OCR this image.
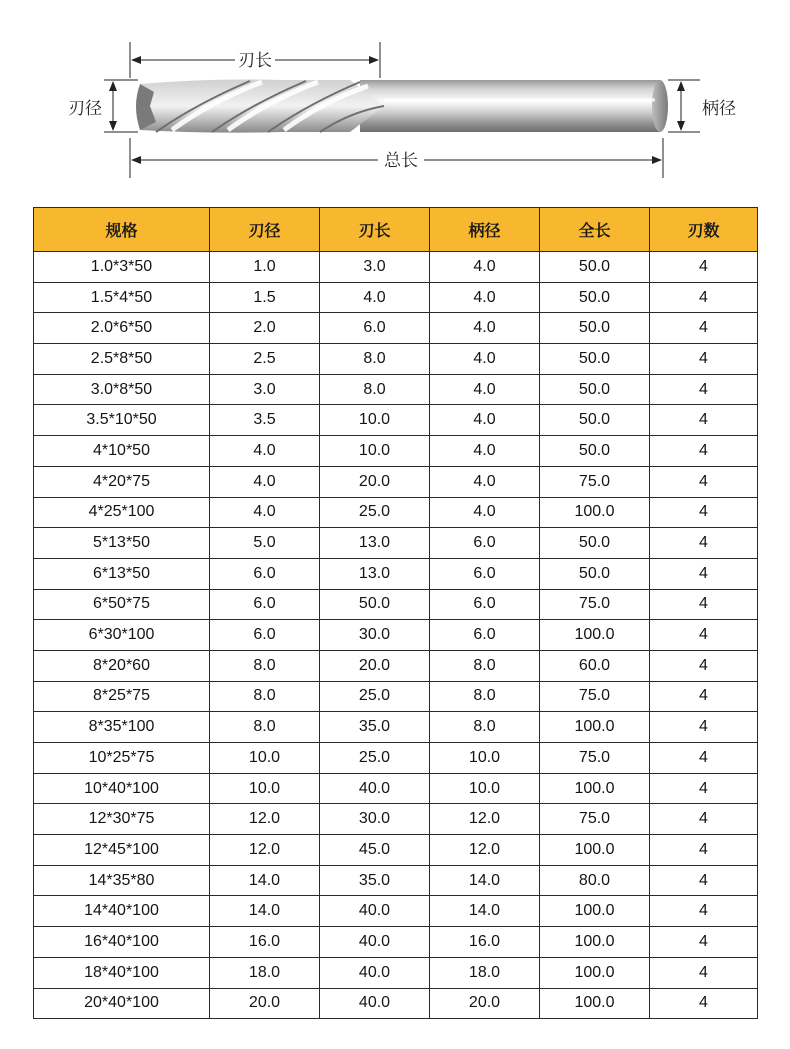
刃长
刃径	柄径
总长
规格	刃径	刃长	柄径	全长	刃数
1.0*3*50	1.0	3.0	4.0	50.0	4
1.5*4*50	1.5	4.0	4.0	50.0	4
2.0*6*50	2.0	6.0	4.0	50.0	4
2.5*8*50	2.5	8.0	4.0	50.0	4
3.0*8*50	3.0	8.0	4.0	50.0	4
3.5*10*50	3.5	10.0	4.0	50.0	4
4*10*50	4.0	10.0	4.0	50.0	4
4*20*75	4.0	20.0	4.0	75.0	4
4*25*100	4.0	25.0	4.0	100.0	4
5*13*50	5.0	13.0	6.0	50.0	4
6*13*50	6.0	13.0	6.0	50.0	4
6*50*75	6.0	50.0	6.0	75.0	4
6*30*100	6.0	30.0	6.0	100.0	4
8*20*60	8.0	20.0	8.0	60.0	4
8*25*75	8.0	25.0	8.0	75.0	4
8*35*100	8.0	35.0	8.0	100.0	4
10*25*75	10.0	25.0	10.0	75.0	4
10*40*100	10.0	40.0	10.0	100.0	4
12*30*75	12.0	30.0	12.0	75.0	4
12*45*100	12.0	45.0	12.0	100.0	4
14*35*80	14.0	35.0	14.0	80.0	4
14*40*100	14.0	40.0	14.0	100.0	4
16*40*100	16.0	40.0	16.0	100.0	4
18*40*100	18.0	40.0	18.0	100.0	4
20*40*100	20.0	40.0	20.0	100.0	4
